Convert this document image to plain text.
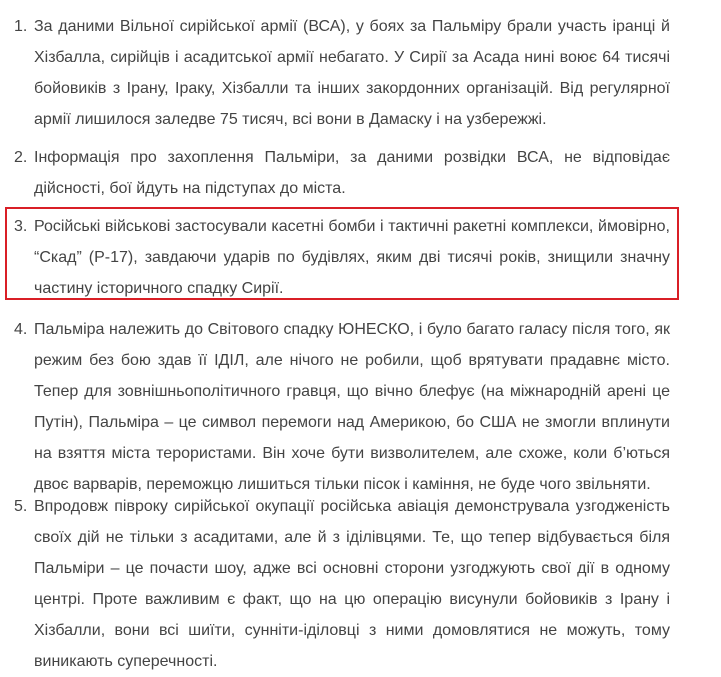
1. За даними Вільної сирійської армії (ВСА), у боях за Пальміру брали участь іранці й Хізбалла, сирійців і асадитської армії небагато. У Сирії за Асада нині воює 64 тисячі бойовиків з Ірану, Іраку, Хізбалли та інших закордонних організацій. Від регулярної армії лишилося заледве 75 тисяч, всі вони в Дамаску і на узбережжі.
2. Інформація про захоплення Пальміри, за даними розвідки ВСА, не відповідає дійсності, бої йдуть на підступах до міста.
3. Російські військові застосували касетні бомби і тактичні ракетні комплекси, ймовірно, “Скад” (Р-17), завдаючи ударів по будівлях, яким дві тисячі років, знищили значну частину історичного спадку Сирії.
4. Пальміра належить до Світового спадку ЮНЕСКО, і було багато галасу після того, як режим без бою здав її ІДІЛ, але нічого не робили, щоб врятувати прадавнє місто. Тепер для зовнішньополітичного гравця, що вічно блефує (на міжнародній арені це Путін), Пальміра – це символ перемоги над Америкою, бо США не змогли вплинути на взяття міста терористами. Він хоче бути визволителем, але схоже, коли б’ються двоє варварів, переможцю лишиться тільки пісок і каміння, не буде чого звільняти.
5. Впродовж півроку сирійської окупації російська авіація демонструвала узгодженість своїх дій не тільки з асадитами, але й з іділівцями. Те, що тепер відбувається біля Пальміри – це почасти шоу, адже всі основні сторони узгоджують свої дії в одному центрі. Проте важливим є факт, що на цю операцію висунули бойовиків з Ірану і Хізбалли, вони всі шиїти, сунніти-іділовці з ними домовлятися не можуть, тому виникають суперечності.
